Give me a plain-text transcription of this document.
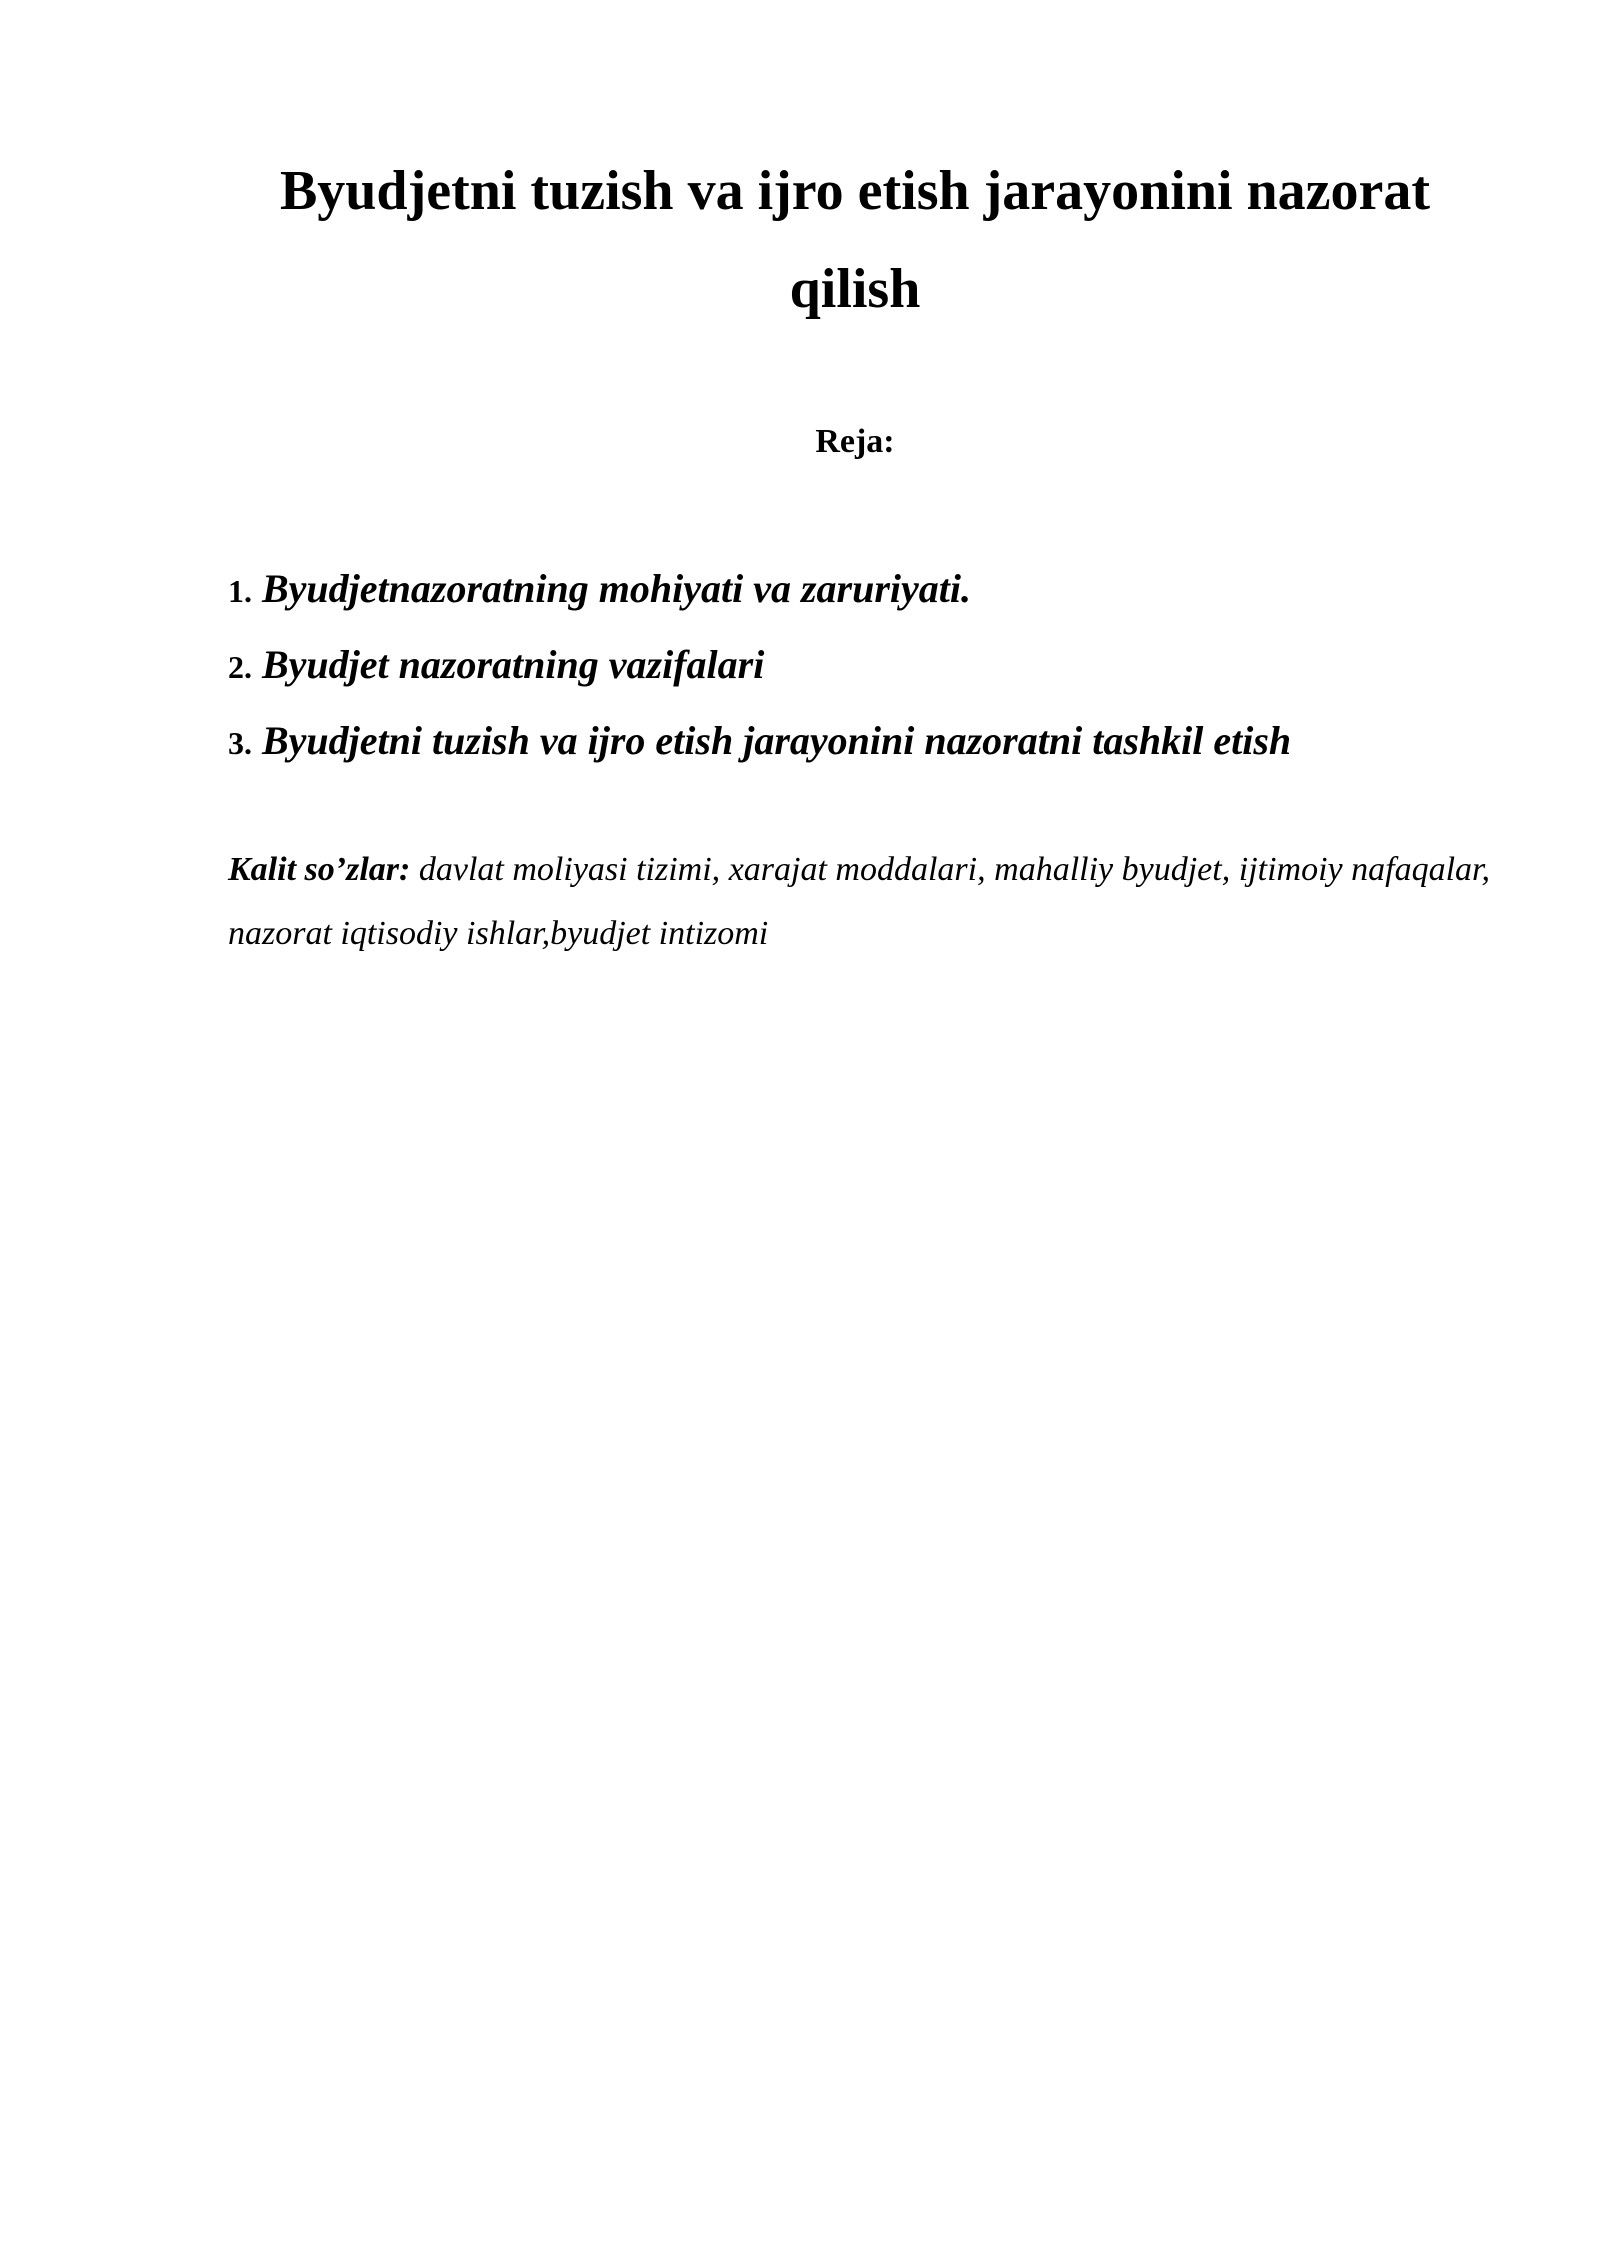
Byudjetni tuzish va ijro etish jarayonini nazorat qilish

Reja:

1. Byudjetnazoratning mohiyati va zaruriyati.
2. Byudjet nazoratning vazifalari
3. Byudjetni tuzish va ijro etish jarayonini nazoratni tashkil etish

Kalit so’zlar: davlat moliyasi tizimi, xarajat moddalari, mahalliy byudjet, ijtimoiy nafaqalar, nazorat iqtisodiy ishlar,byudjet intizomi
